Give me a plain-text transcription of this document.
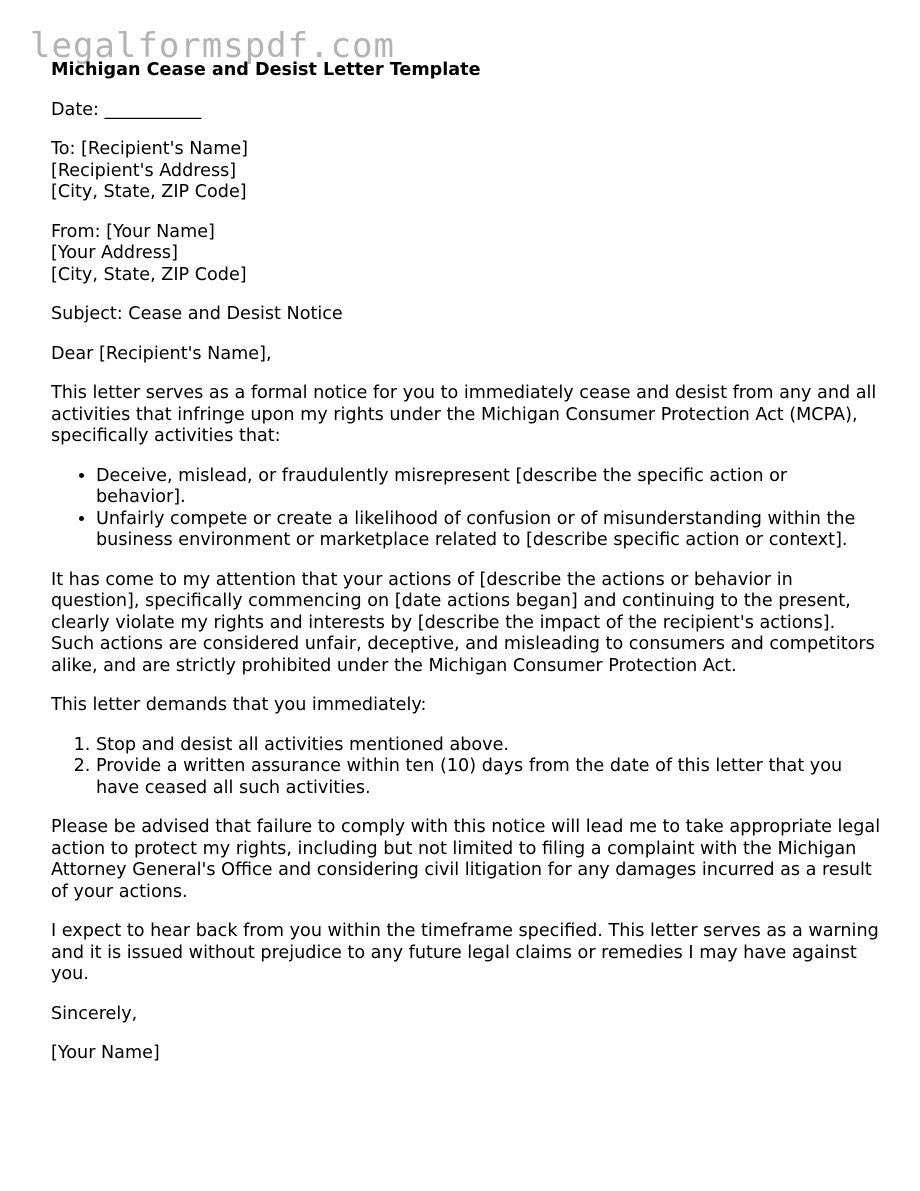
legalformspdf.com
Michigan Cease and Desist Letter Template

Date: ___________

To: [Recipient's Name]
[Recipient's Address]
[City, State, ZIP Code]

From: [Your Name]
[Your Address]
[City, State, ZIP Code]

Subject: Cease and Desist Notice

Dear [Recipient's Name],

This letter serves as a formal notice for you to immediately cease and desist from any and all activities that infringe upon my rights under the Michigan Consumer Protection Act (MCPA), specifically activities that:

• Deceive, mislead, or fraudulently misrepresent [describe the specific action or behavior].
• Unfairly compete or create a likelihood of confusion or of misunderstanding within the business environment or marketplace related to [describe specific action or context].

It has come to my attention that your actions of [describe the actions or behavior in question], specifically commencing on [date actions began] and continuing to the present, clearly violate my rights and interests by [describe the impact of the recipient's actions]. Such actions are considered unfair, deceptive, and misleading to consumers and competitors alike, and are strictly prohibited under the Michigan Consumer Protection Act.

This letter demands that you immediately:

1. Stop and desist all activities mentioned above.
2. Provide a written assurance within ten (10) days from the date of this letter that you have ceased all such activities.

Please be advised that failure to comply with this notice will lead me to take appropriate legal action to protect my rights, including but not limited to filing a complaint with the Michigan Attorney General's Office and considering civil litigation for any damages incurred as a result of your actions.

I expect to hear back from you within the timeframe specified. This letter serves as a warning and it is issued without prejudice to any future legal claims or remedies I may have against you.

Sincerely,

[Your Name]
